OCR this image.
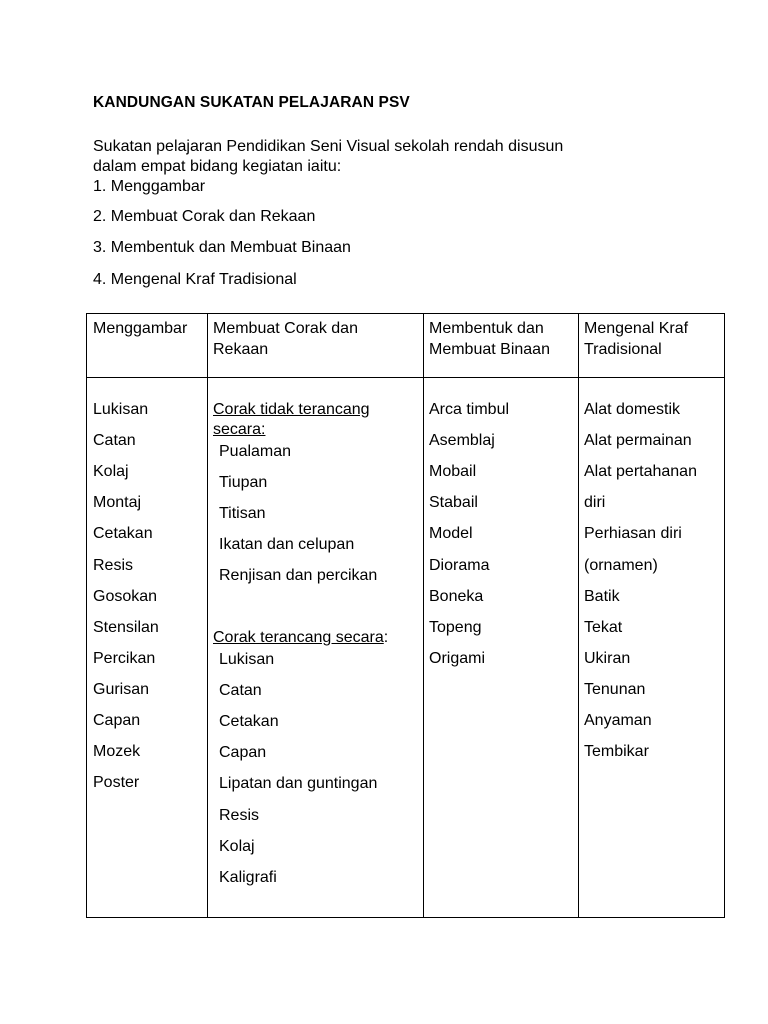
KANDUNGAN SUKATAN PELAJARAN PSV
Sukatan pelajaran Pendidikan Seni Visual sekolah rendah disusun
dalam empat bidang kegiatan iaitu:
1. Menggambar
2. Membuat Corak dan Rekaan
3. Membentuk dan Membuat Binaan
4. Mengenal Kraf Tradisional
Menggambar	Membuat Corak dan Rekaan
Membentuk dan Membuat Binaan
Mengenal Kraf Tradisional
Lukisan
Catan
Kolaj
Montaj
Cetakan
Resis
Gosokan
Stensilan
Percikan
Gurisan
Capan
Mozek
Poster
Corak tidak terancang
secara:
Corak terancang secara:
Pualaman
Tiupan
Titisan
Ikatan dan celupan
Renjisan dan percikan
Lukisan
Catan
Cetakan
Capan
Lipatan dan guntingan
Resis
Kolaj
Kaligrafi
Arca timbul
Asemblaj
Mobail
Stabail
Model
Diorama
Boneka
Topeng
Origami
Alat domestik
Alat permainan
Alat pertahanan
diri
Perhiasan diri
(ornamen)
Batik
Tekat
Ukiran
Tenunan
Anyaman
Tembikar
